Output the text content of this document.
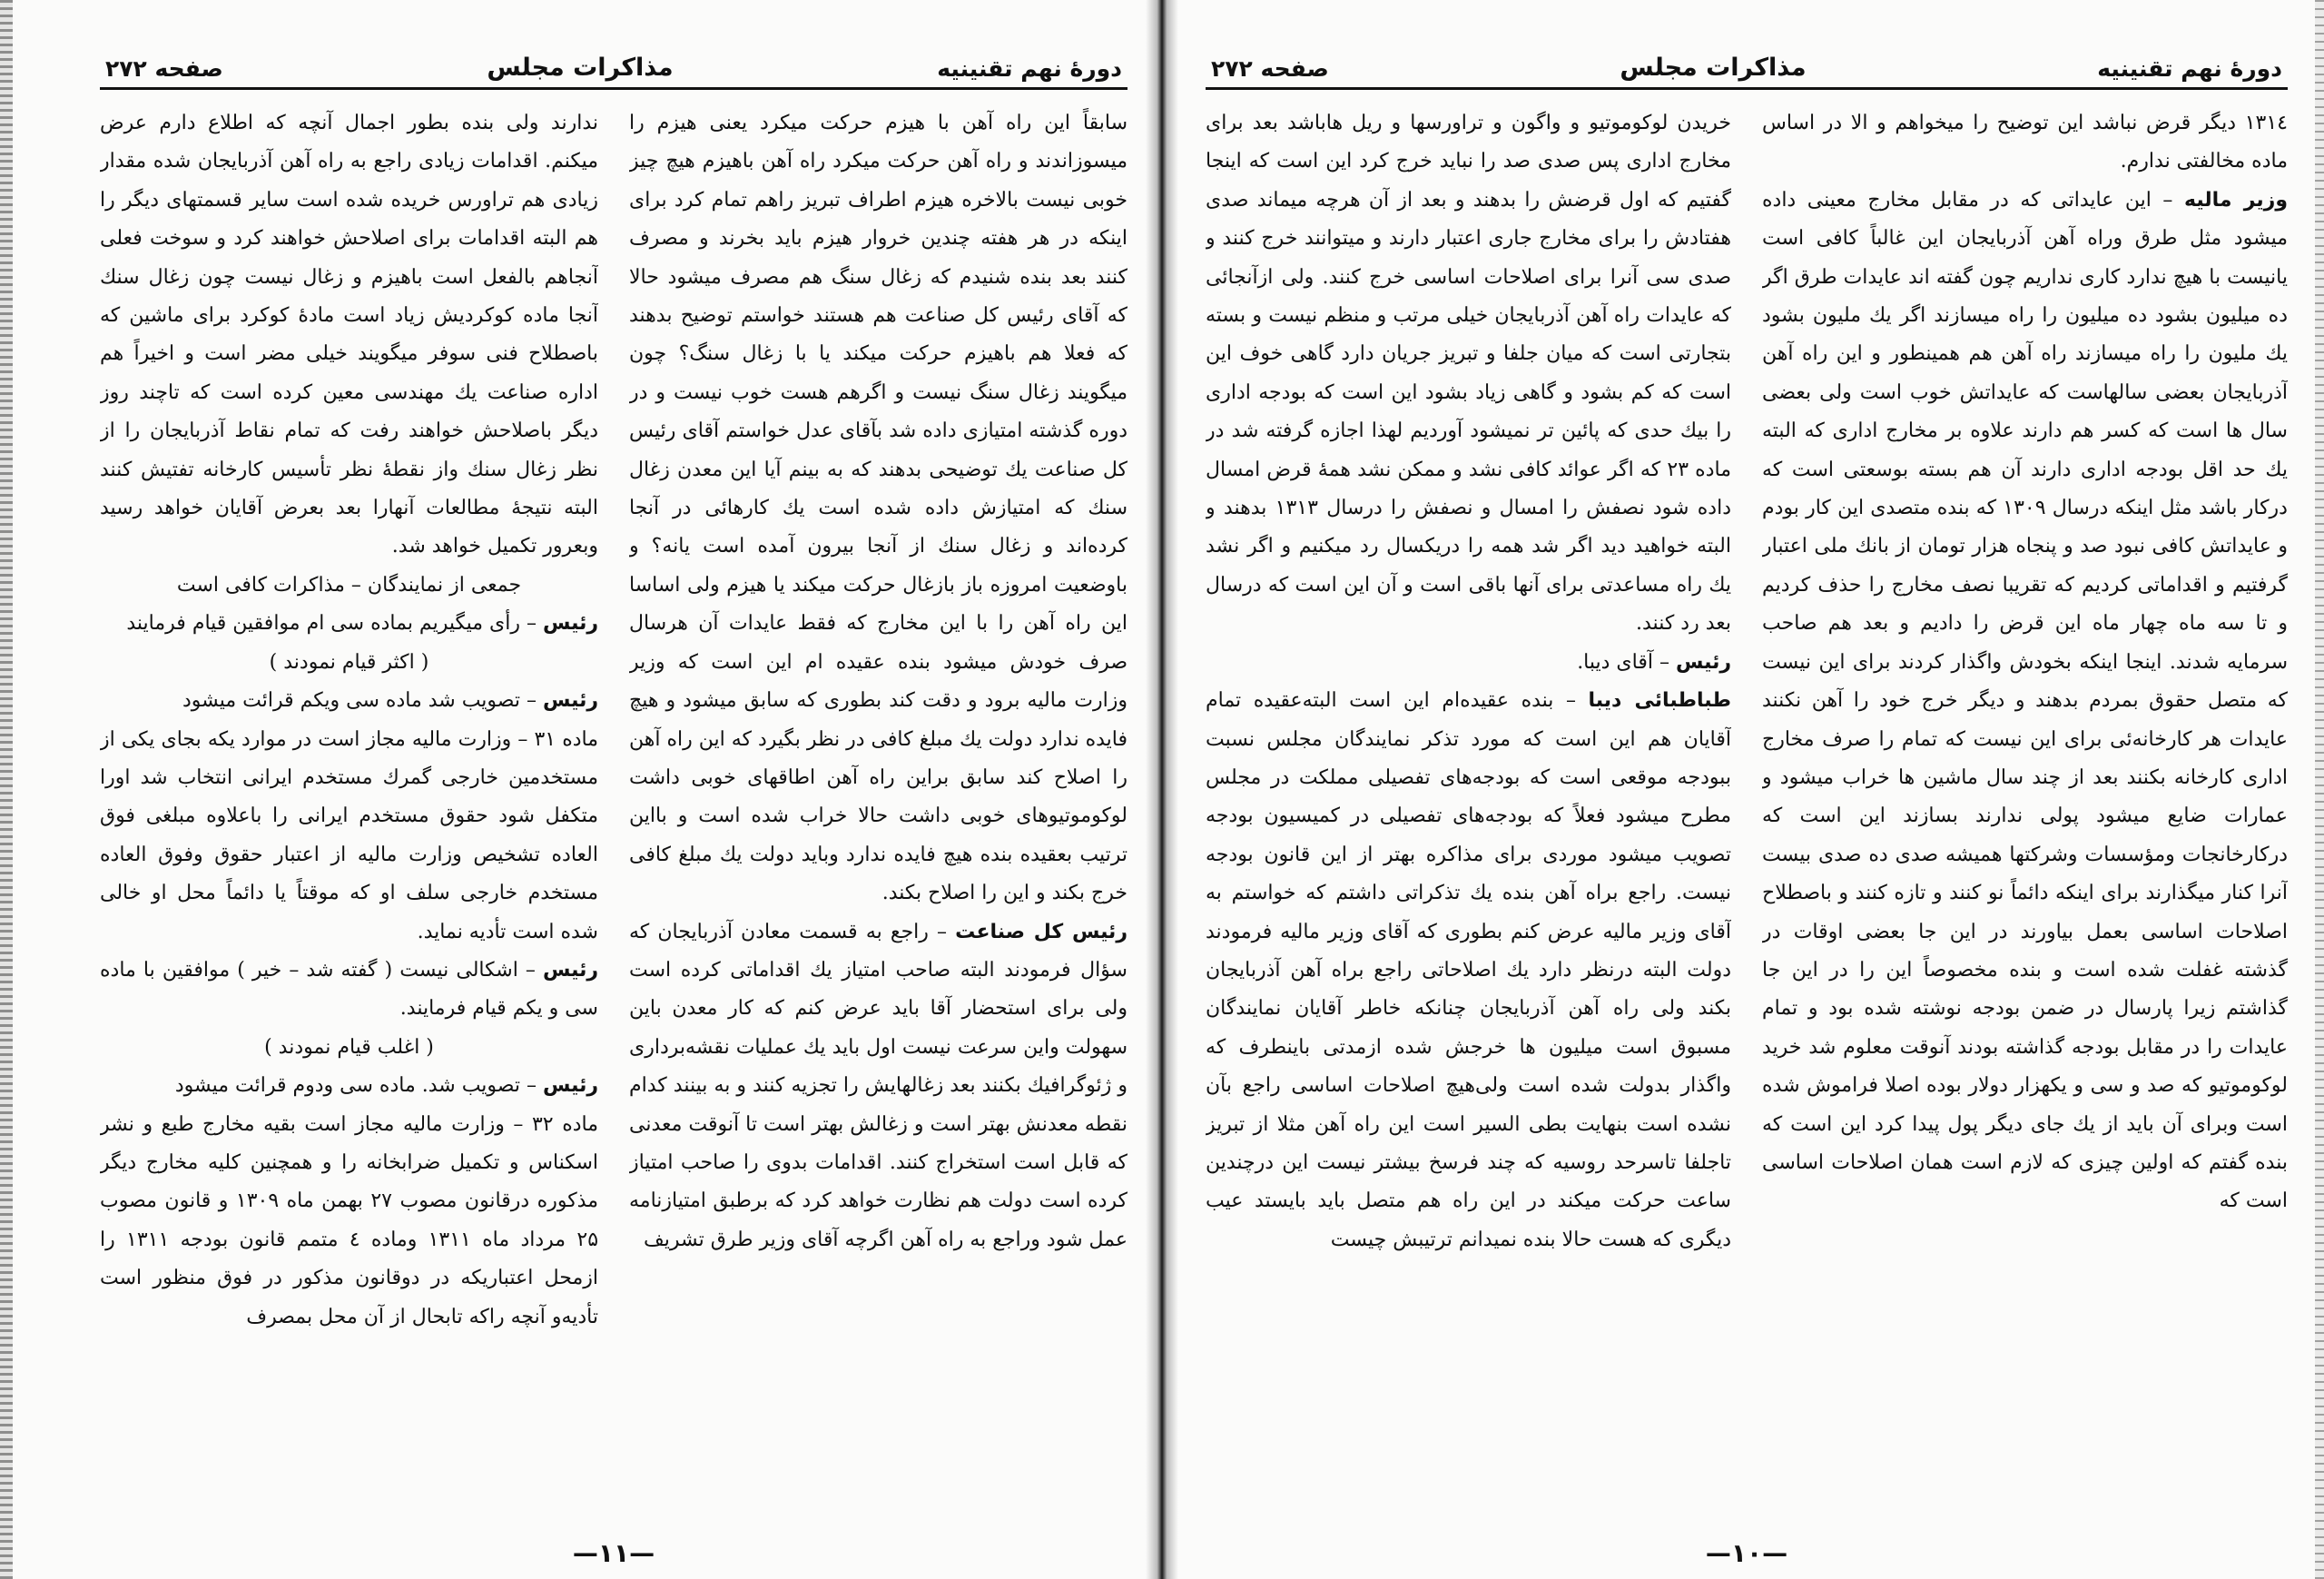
دورهٔ نهم تقنینیه
مذاکرات مجلس
صفحه ۲۷۲

سابقاً این راه آهن با هیزم حرکت میکرد یعنی هیزم را میسوزاندند و راه آهن حرکت میکرد راه آهن باهیزم هیچ چیز خوبی نیست بالاخره هیزم اطراف تبریز راهم تمام کرد برای اینکه در هر هفته چندین خروار هیزم باید بخرند و مصرف کنند بعد بنده شنیدم که زغال سنگ هم مصرف میشود حالا که آقای رئیس کل صناعت هم هستند خواستم توضیح بدهند که فعلا هم باهیزم حرکت میکند یا با زغال سنگ؟ چون میگویند زغال سنگ نیست و اگرهم هست خوب نیست و در دوره گذشته امتیازی داده شد بآقای عدل خواستم آقای رئیس کل صناعت یك توضیحی بدهند که به بینم آیا این معدن زغال سنك که امتیازش داده شده است یك کارهائی در آنجا کرده‌اند و زغال سنك از آنجا بیرون آمده است یانه؟ و باوضعیت امروزه باز بازغال حرکت میکند یا هیزم ولی اساسا این راه آهن را با این مخارج که فقط عایدات آن هرسال صرف خودش میشود بنده عقیده ام این است که وزیر وزارت مالیه برود و دقت کند بطوری که سابق میشود و هیچ فایده ندارد دولت یك مبلغ کافی در نظر بگیرد که این راه آهن را اصلاح کند سابق براین راه آهن اطاقهای خوبی داشت لوکوموتیوهای خوبی داشت حالا خراب شده است و بااین ترتیب بعقیده بنده هیچ فایده ندارد وباید دولت یك مبلغ کافی خرج بکند و این را اصلاح بکند.

رئیس کل صناعت – راجع به قسمت معادن آذربایجان که سؤال فرمودند البته صاحب امتیاز یك اقداماتی کرده است ولی برای استحضار آقا باید عرض کنم که کار معدن باین سهولت واین سرعت نیست اول باید یك عملیات نقشه‌برداری و ژئوگرافیك بکنند بعد زغالهایش را تجزیه کنند و به بینند کدام نقطه معدنش بهتر است و زغالش بهتر است تا آنوقت معدنی که قابل است استخراج کنند. اقدامات بدوی را صاحب امتیاز کرده است دولت هم نظارت خواهد کرد که برطبق امتیازنامه عمل شود وراجع به راه آهن اگرچه آقای وزیر طرق تشریف

ندارند ولی بنده بطور اجمال آنچه که اطلاع دارم عرض میکنم. اقدامات زیادی راجع به راه آهن آذربایجان شده مقدار زیادی هم تراورس خریده شده است سایر قسمتهای دیگر را هم البته اقدامات برای اصلاحش خواهند کرد و سوخت فعلی آنجاهم بالفعل است باهیزم و زغال نیست چون زغال سنك آنجا ماده کوکردیش زیاد است مادهٔ کوکرد برای ماشین که باصطلاح فنی سوفر میگویند خیلی مضر است و اخیراً هم اداره صناعت یك مهندسی معین کرده است که تاچند روز دیگر باصلاحش خواهند رفت که تمام نقاط آذربایجان را از نظر زغال سنك واز نقطهٔ نظر تأسیس کارخانه تفتیش کنند البته نتیجهٔ مطالعات آنهارا بعد بعرض آقایان خواهد رسید وبعرور تکمیل خواهد شد.

جمعی از نمایندگان – مذاکرات کافی است

رئیس – رأی میگیریم بماده سی ام موافقین قیام فرمایند

( اکثر قیام نمودند )

رئیس – تصویب شد ماده سی ویکم قرائت میشود

ماده ۳۱ – وزارت مالیه مجاز است در موارد یکه بجای یکی از مستخدمین خارجی گمرك مستخدم ایرانی انتخاب‌ شد اورا متکفل شود حقوق مستخدم ایرانی را باعلاوه مبلغی فوق العاده تشخیص وزارت مالیه از اعتبار حقوق وفوق العاده مستخدم خارجی سلف او که موقتاً یا دائماً محل او خالی شده است تأدیه نماید.

رئیس – اشکالی نیست ( گفته شد – خیر ) موافقین با ماده سی و یکم قیام فرمایند.

( اغلب قیام نمودند )

رئیس – تصویب شد. ماده سی ودوم قرائت میشود

ماده ۳۲ – وزارت مالیه مجاز است بقیه مخارج طبع و نشر اسکناس و تکمیل ضرابخانه را و همچنین کلیه مخارج دیگر مذکوره درقانون مصوب ۲۷ بهمن ماه ۱۳۰۹ و قانون مصوب ۲۵ مرداد ماه ۱۳۱۱ وماده ٤ متمم قانون بودجه ۱۳۱۱ را ازمحل اعتباریکه در دوقانون مذکور در فوق منظور است تأدیه‌و آنچه راکه تابحال از آن محل بمصرف

—۱۱—
دورهٔ نهم تقنینیه
مذاکرات مجلس
صفحه ۲۷۲

۱۳۱٤ دیگر قرض نباشد این توضیح را میخواهم و الا در اساس ماده مخالفتی ندارم.

وزیر مالیه – این عایداتی که در مقابل مخارج معینی داده میشود مثل طرق وراه آهن آذربایجان این غالباً کافی است یانیست با هیچ ندارد کاری نداریم چون گفته اند عایدات طرق اگر ده میلیون بشود ده میلیون را راه میسازند اگر یك ملیون بشود یك ملیون را راه میسازند راه آهن هم همینطور و این راه آهن آذربایجان بعضی سالهاست که عایداتش خوب است ولی بعضی سال ها است که کسر هم دارند علاوه بر مخارج اداری که البته یك حد اقل بودجه اداری دارند آن هم بسته بوسعتی است که درکار باشد مثل اینکه درسال ۱۳۰۹ که بنده متصدی این کار بودم و عایداتش کافی نبود صد و پنجاه هزار تومان از بانك ملی اعتبار گرفتیم و اقداماتی کردیم که تقریبا نصف مخارج را حذف کردیم و تا سه ماه چهار ماه این قرض را دادیم و بعد هم صاحب سرمایه شدند. اینجا اینکه بخودش واگذار کردند برای این نیست که متصل حقوق بمردم بدهند و دیگر خرج خود را آهن نکنند عایدات هر کارخانه‌ئی برای این نیست که تمام را صرف مخارج اداری کارخانه بکنند بعد از چند سال ماشین ها خراب میشود و عمارات ضایع میشود پولی ندارند بسازند این است که درکارخانجات ومؤسسات وشرکتها همیشه صدی ده صدی بیست آنرا کنار میگذارند برای اینکه دائماً نو کنند و تازه کنند و باصطلاح اصلاحات اساسی بعمل بیاورند در این جا بعضی اوقات در گذشته غفلت شده است و بنده مخصوصاً این را در این جا گذاشتم زیرا پارسال در ضمن بودجه نوشته شده بود و تمام عایدات را در مقابل بودجه گذاشته بودند آنوقت معلوم شد خرید لوکوموتیو که صد و سی و یکهزار دولار بوده اصلا فراموش شده است وبرای آن باید از یك جای دیگر پول پیدا کرد این است که بنده گفتم که اولین چیزی که لازم است همان اصلاحات اساسی است که

خریدن لوکوموتیو و واگون و تراورسها و ریل هاباشد بعد برای مخارج اداری پس صدی صد را نباید خرج کرد این است که اینجا گفتیم که اول قرضش را بدهند و بعد از آن هرچه میماند صدی هفتادش را برای مخارج جاری اعتبار دارند و میتوانند خرج کنند و صدی سی آنرا برای اصلاحات اساسی خرج کنند. ولی ازآنجائی که عایدات راه آهن آذربایجان خیلی مرتب و منظم نیست و بسته بتجارتی است که میان جلفا و تبریز جریان دارد گاهی خوف این است که کم بشود و گاهی زیاد بشود این است که بودجه اداری را بیك حدی که پائین تر نمیشود آوردیم لهذا اجازه گرفته شد در ماده ۲۳ که اگر عوائد کافی نشد و ممکن نشد همهٔ قرض امسال داده شود نصفش را امسال و نصفش را درسال ۱۳۱۳ بدهند و البته خواهید دید اگر شد همه را دریکسال رد میکنیم و اگر نشد یك راه مساعدتی برای آنها باقی است و آن این است که درسال بعد رد کنند.

رئیس – آقای دیبا.

طباطبائی دیبا – بنده عقیده‌ام این است البته‌عقیده تمام آقایان هم این است که مورد تذکر نمایندگان مجلس نسبت ببودجه موقعی است که بودجه‌های تفصیلی مملکت در مجلس مطرح میشود فعلاً که بودجه‌های تفصیلی در کمیسیون بودجه تصویب میشود موردی برای مذاکره بهتر از این قانون بودجه نیست. راجع براه آهن بنده یك تذکراتی داشتم که خواستم به آقای وزیر مالیه عرض کنم بطوری که آقای وزیر مالیه فرمودند دولت البته درنظر دارد یك اصلاحاتی راجع براه آهن آذربایجان بکند ولی راه آهن آذربایجان چنانکه خاطر آقایان نمایندگان مسبوق است میلیون ها خرجش شده ازمدتی باینطرف که واگذار بدولت شده است ولی‌هیچ اصلاحات اساسی راجع بآن نشده است بنهایت بطی السیر است این راه آهن مثلا از تبریز تاجلفا تاسرحد روسیه که چند فرسخ بیشتر نیست این درچندین ساعت حرکت میکند در این راه هم متصل باید بایستد عیب دیگری که هست حالا بنده نمیدانم ترتیبش چیست

—۱۰—
